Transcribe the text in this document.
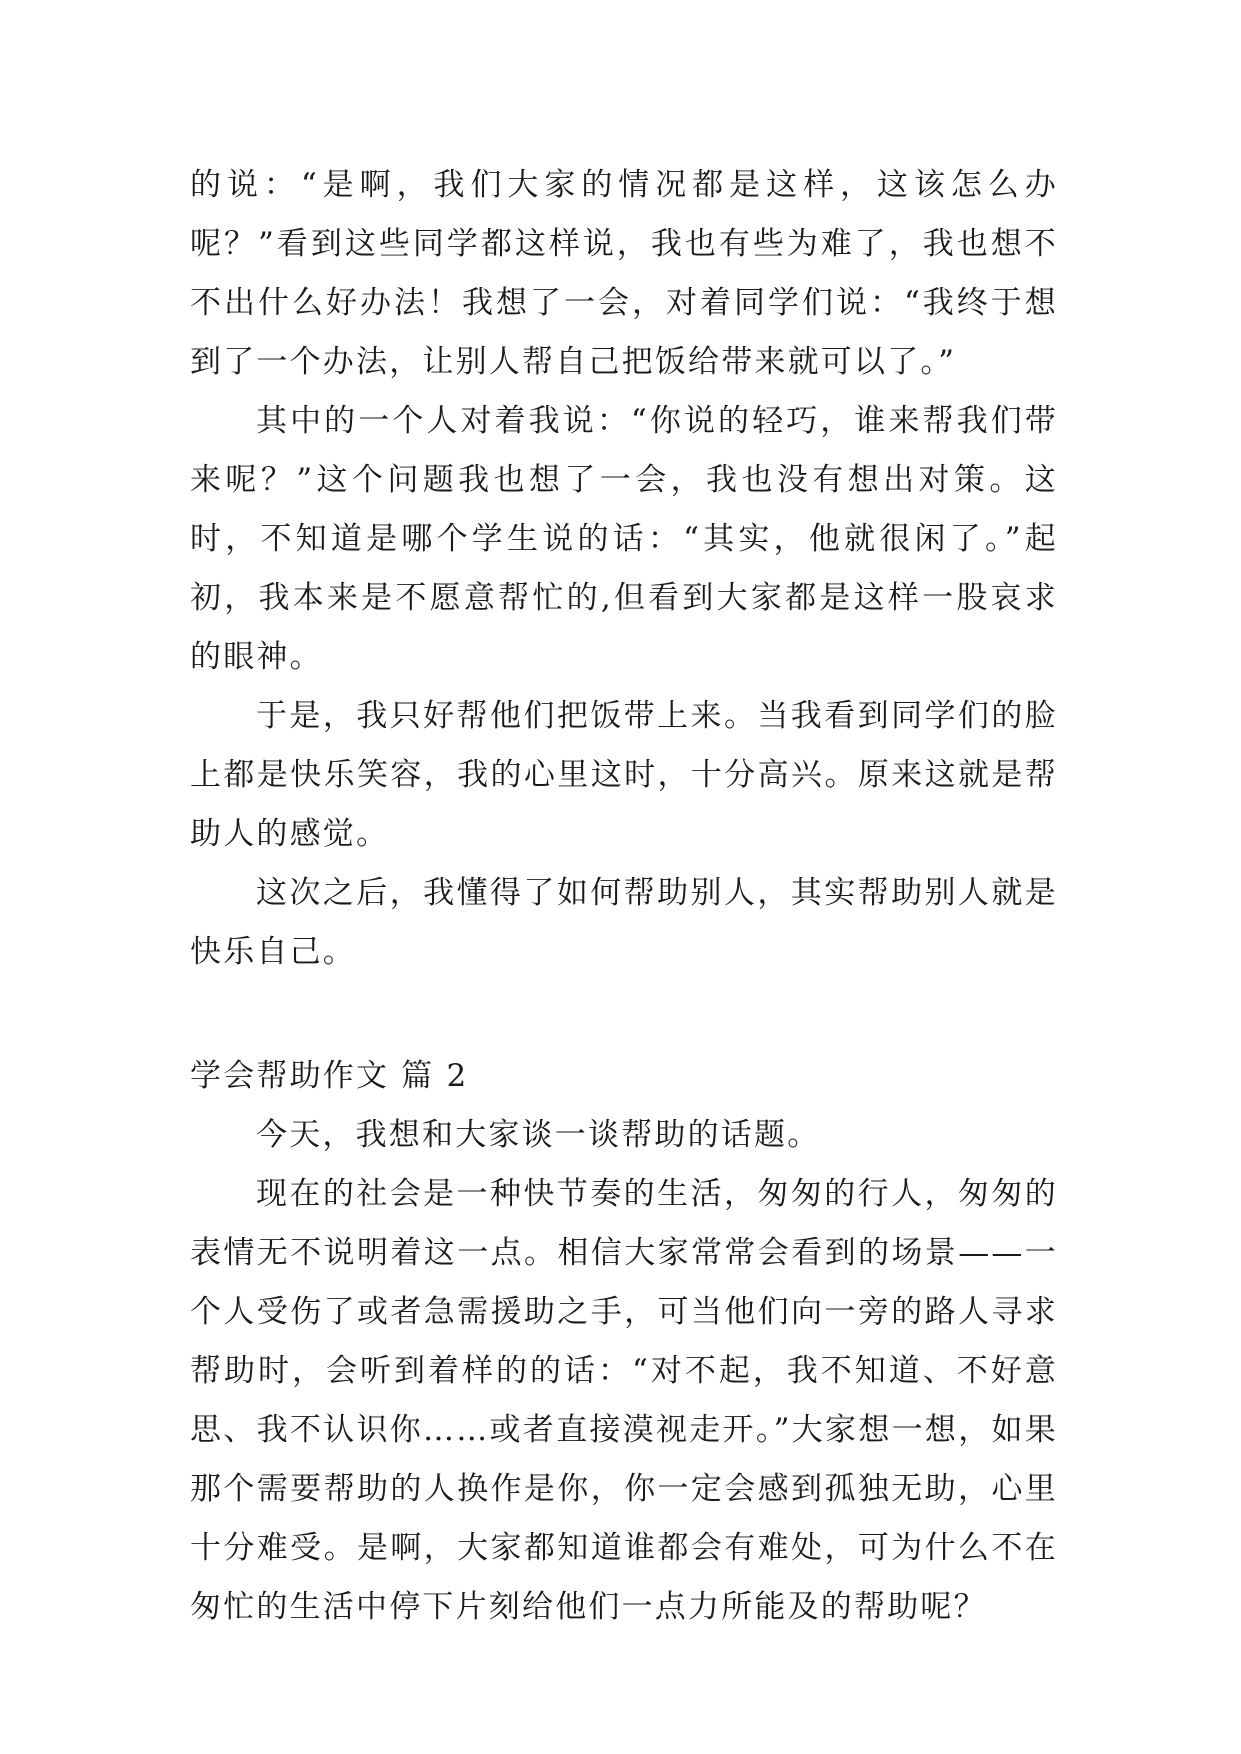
的说：“是啊，我们大家的情况都是这样，这该怎么办呢？”看到这些同学都这样说，我也有些为难了，我也想不不出什么好办法！我想了一会，对着同学们说：“我终于想到了一个办法，让别人帮自己把饭给带来就可以了。”

其中的一个人对着我说：“你说的轻巧，谁来帮我们带来呢？”这个问题我也想了一会，我也没有想出对策。这时，不知道是哪个学生说的话：“其实，他就很闲了。”起初，我本来是不愿意帮忙的,但看到大家都是这样一股哀求的眼神。

于是，我只好帮他们把饭带上来。当我看到同学们的脸上都是快乐笑容，我的心里这时，十分高兴。原来这就是帮助人的感觉。

这次之后，我懂得了如何帮助别人，其实帮助别人就是快乐自己。

学会帮助作文 篇 2

今天，我想和大家谈一谈帮助的话题。

现在的社会是一种快节奏的生活，匆匆的行人，匆匆的表情无不说明着这一点。相信大家常常会看到的场景——一个人受伤了或者急需援助之手，可当他们向一旁的路人寻求帮助时，会听到着样的的话：“对不起，我不知道、不好意思、我不认识你……或者直接漠视走开。”大家想一想，如果那个需要帮助的人换作是你，你一定会感到孤独无助，心里十分难受。是啊，大家都知道谁都会有难处，可为什么不在匆忙的生活中停下片刻给他们一点力所能及的帮助呢？
